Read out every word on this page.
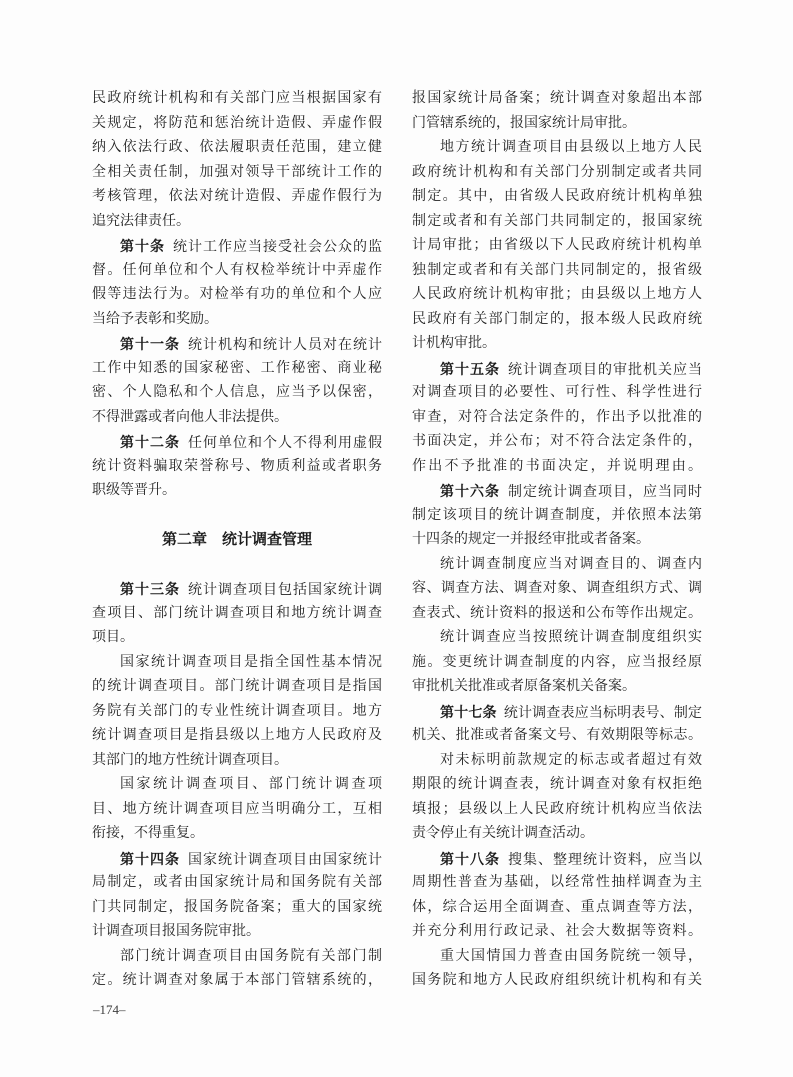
民政府统计机构和有关部门应当根据国家有
关规定，将防范和惩治统计造假、弄虚作假
纳入依法行政、依法履职责任范围，建立健
全相关责任制，加强对领导干部统计工作的
考核管理，依法对统计造假、弄虚作假行为
追究法律责任。
第十条 统计工作应当接受社会公众的监
督。任何单位和个人有权检举统计中弄虚作
假等违法行为。对检举有功的单位和个人应
当给予表彰和奖励。
第十一条 统计机构和统计人员对在统计
工作中知悉的国家秘密、工作秘密、商业秘
密、个人隐私和个人信息，应当予以保密，
不得泄露或者向他人非法提供。
第十二条 任何单位和个人不得利用虚假
统计资料骗取荣誉称号、物质利益或者职务
职级等晋升。
第二章　统计调查管理
第十三条 统计调查项目包括国家统计调
查项目、部门统计调查项目和地方统计调查
项目。
国家统计调查项目是指全国性基本情况
的统计调查项目。部门统计调查项目是指国
务院有关部门的专业性统计调查项目。地方
统计调查项目是指县级以上地方人民政府及
其部门的地方性统计调查项目。
国家统计调查项目、部门统计调查项
目、地方统计调查项目应当明确分工，互相
衔接，不得重复。
第十四条 国家统计调查项目由国家统计
局制定，或者由国家统计局和国务院有关部
门共同制定，报国务院备案；重大的国家统
计调查项目报国务院审批。
部门统计调查项目由国务院有关部门制
定。统计调查对象属于本部门管辖系统的，
报国家统计局备案；统计调查对象超出本部
门管辖系统的，报国家统计局审批。
地方统计调查项目由县级以上地方人民
政府统计机构和有关部门分别制定或者共同
制定。其中，由省级人民政府统计机构单独
制定或者和有关部门共同制定的，报国家统
计局审批；由省级以下人民政府统计机构单
独制定或者和有关部门共同制定的，报省级
人民政府统计机构审批；由县级以上地方人
民政府有关部门制定的，报本级人民政府统
计机构审批。
第十五条 统计调查项目的审批机关应当
对调查项目的必要性、可行性、科学性进行
审查，对符合法定条件的，作出予以批准的
书面决定，并公布；对不符合法定条件的，
作出不予批准的书面决定，并说明理由。
第十六条 制定统计调查项目，应当同时
制定该项目的统计调查制度，并依照本法第
十四条的规定一并报经审批或者备案。
统计调查制度应当对调查目的、调查内
容、调查方法、调查对象、调查组织方式、调
查表式、统计资料的报送和公布等作出规定。
统计调查应当按照统计调查制度组织实
施。变更统计调查制度的内容，应当报经原
审批机关批准或者原备案机关备案。
第十七条 统计调查表应当标明表号、制定
机关、批准或者备案文号、有效期限等标志。
对未标明前款规定的标志或者超过有效
期限的统计调查表，统计调查对象有权拒绝
填报；县级以上人民政府统计机构应当依法
责令停止有关统计调查活动。
第十八条 搜集、整理统计资料，应当以
周期性普查为基础，以经常性抽样调查为主
体，综合运用全面调查、重点调查等方法，
并充分利用行政记录、社会大数据等资料。
重大国情国力普查由国务院统一领导，
国务院和地方人民政府组织统计机构和有关
–174–
